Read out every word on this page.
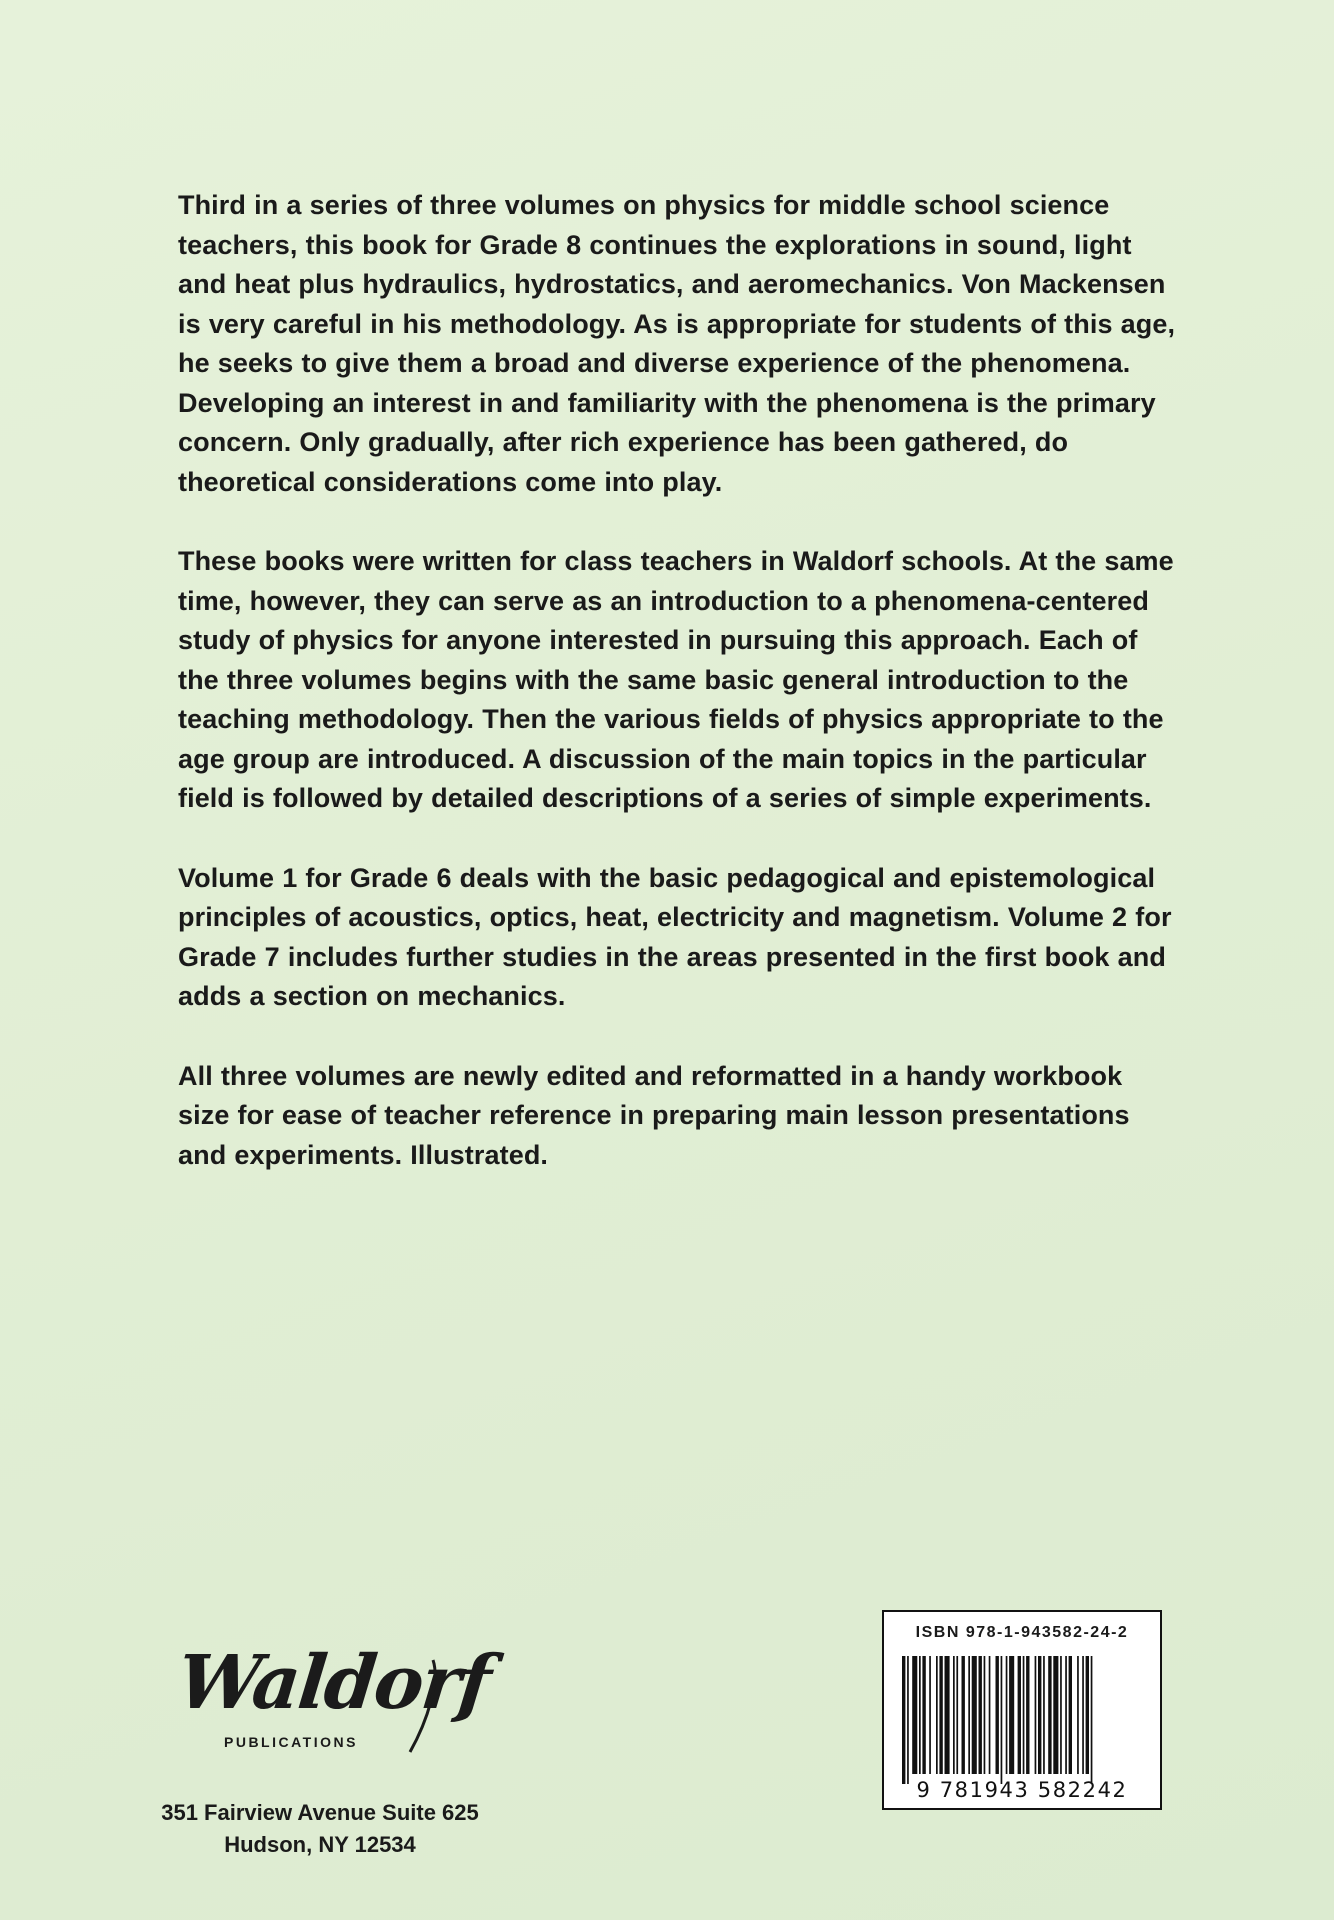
Third in a series of three volumes on physics for middle school science teachers, this book for Grade 8 continues the explorations in sound, light and heat plus hydraulics, hydrostatics, and aeromechanics. Von Mackensen is very careful in his methodology. As is appropriate for students of this age, he seeks to give them a broad and diverse experience of the phenomena. Developing an interest in and familiarity with the phenomena is the primary concern. Only gradually, after rich experience has been gathered, do theoretical considerations come into play.

These books were written for class teachers in Waldorf schools. At the same time, however, they can serve as an introduction to a phenomena-centered study of physics for anyone interested in pursuing this approach. Each of the three volumes begins with the same basic general introduction to the teaching methodology. Then the various fields of physics appropriate to the age group are introduced. A discussion of the main topics in the particular field is followed by detailed descriptions of a series of simple experiments.

Volume 1 for Grade 6 deals with the basic pedagogical and epistemological principles of acoustics, optics, heat, electricity and magnetism. Volume 2 for Grade 7 includes further studies in the areas presented in the first book and adds a section on mechanics.

All three volumes are newly edited and reformatted in a handy workbook size for ease of teacher reference in preparing main lesson presentations and experiments. Illustrated.

Waldorf
PUBLICATIONS
351 Fairview Avenue Suite 625
Hudson, NY 12534
ISBN 978-1-943582-24-2
9 781943 582242
